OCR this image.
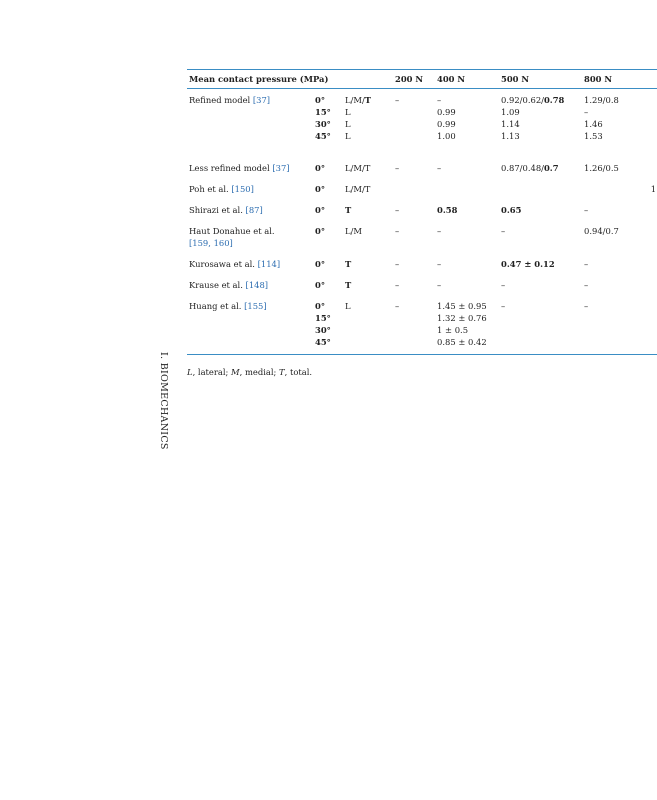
I. BIOMECHANICS
Mean contact pressure (MPa)			200 N	400 N	500 N	800 N
Refined model [37]	0°	L/M/T	–	–	0.92/0.62/0.78	1.29/0.8
	15°	L		0.99	1.09	–
	30°	L		0.99	1.14	1.46
	45°	L		1.00	1.13	1.53
Less refined model [37]	0°	L/M/T	–	–	0.87/0.48/0.7	1.26/0.5
Poh et al. [150]	0°	L/M/T				1
Shirazi et al. [87]	0°	T	–	0.58	0.65	–
Haut Donahue et al.
[159, 160]	0°	L/M	–	–	–	0.94/0.7
Kurosawa et al. [114]	0°	T	–	–	0.47 ± 0.12	–
Krause et al. [148]	0°	T	–	–	–	–
Huang et al. [155]	0°	L	–	1.45 ± 0.95	–	–
	15°			1.32 ± 0.76		
	30°			1 ± 0.5		
	45°			0.85 ± 0.42		
L, lateral; M, medial; T, total.
